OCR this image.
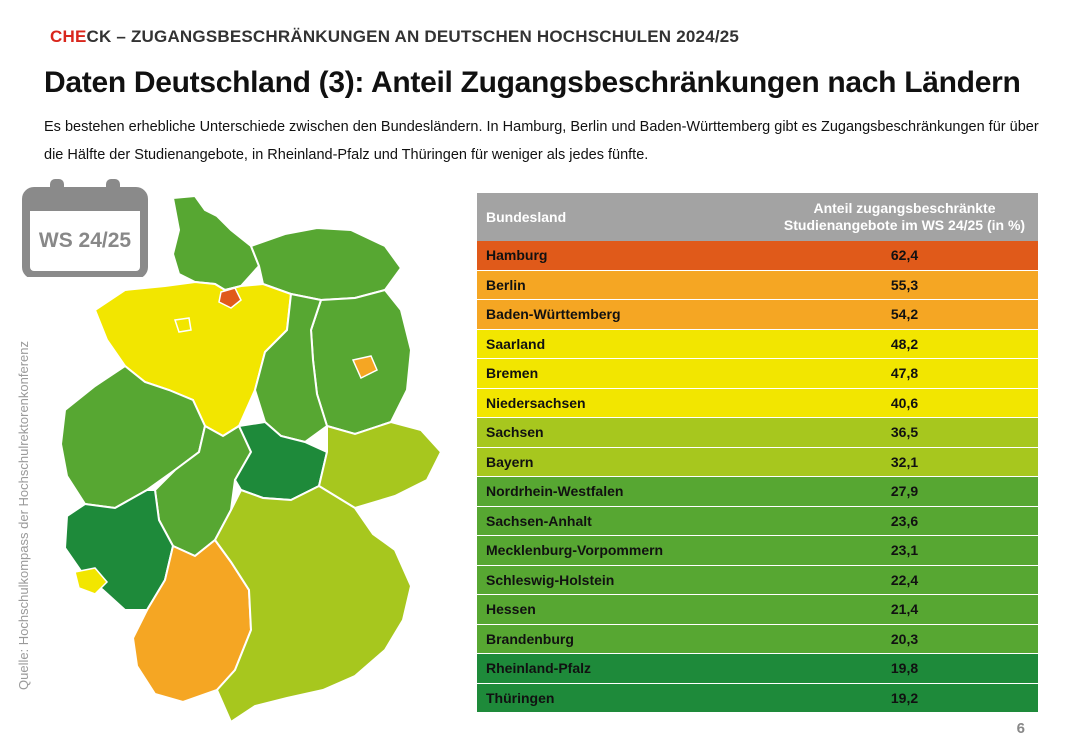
CHECK – ZUGANGSBESCHRÄNKUNGEN AN DEUTSCHEN HOCHSCHULEN 2024/25
Daten Deutschland (3): Anteil Zugangsbeschränkungen nach Ländern
Es bestehen erhebliche Unterschiede zwischen den Bundesländern. In Hamburg, Berlin und Baden-Württemberg gibt es Zugangsbeschränkungen für über die Hälfte der Studienangebote, in Rheinland-Pfalz und Thüringen für weniger als jedes fünfte.
Quelle: Hochschulkompass der Hochschulrektorenkonferenz
WS 24/25
Bundesland	Anteil zugangsbeschränkte
Studienangebote im WS 24/25 (in %)
Hamburg	62,4
Berlin	55,3
Baden-Württemberg	54,2
Saarland	48,2
Bremen	47,8
Niedersachsen	40,6
Sachsen	36,5
Bayern	32,1
Nordrhein-Westfalen	27,9
Sachsen-Anhalt	23,6
Mecklenburg-Vorpommern	23,1
Schleswig-Holstein	22,4
Hessen	21,4
Brandenburg	20,3
Rheinland-Pfalz	19,8
Thüringen	19,2
6
